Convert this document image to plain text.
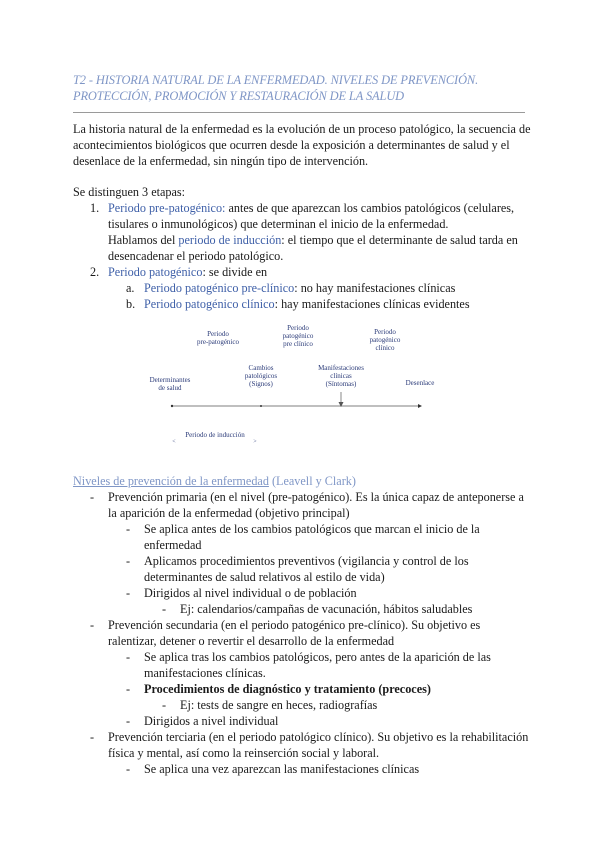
T2 - HISTORIA NATURAL DE LA ENFERMEDAD. NIVELES DE PREVENCIÓN.
PROTECCIÓN, PROMOCIÓN Y RESTAURACIÓN DE LA SALUD
La historia natural de la enfermedad es la evolución de un proceso patológico, la secuencia de
acontecimientos biológicos que ocurren desde la exposición a determinantes de salud y el
desenlace de la enfermedad, sin ningún tipo de intervención.
Se distinguen 3 etapas:
1. Periodo pre-patogénico: antes de que aparezcan los cambios patológicos (celulares,
tisulares o inmunológicos) que determinan el inicio de la enfermedad.
Hablamos del periodo de inducción: el tiempo que el determinante de salud tarda en
desencadenar el periodo patológico.
2. Periodo patogénico: se divide en
a. Periodo patogénico pre-clínico: no hay manifestaciones clínicas
b. Periodo patogénico clínico: hay manifestaciones clínicas evidentes
Periodo
pre-patogénico
Periodo
patogénico
pre clínico
Periodo
patogénico
clínico
Determinantes
de salud
Cambios
patológicos
(Signos)
Manifestaciones
clínicas
(Síntomas)	Desenlace
Periodo de inducción
<	>
Niveles de prevención de la enfermedad (Leavell y Clark)
- Prevención primaria (en el nivel (pre-patogénico). Es la única capaz de anteponerse a
la aparición de la enfermedad (objetivo principal)
- Se aplica antes de los cambios patológicos que marcan el inicio de la
enfermedad
- Aplicamos procedimientos preventivos (vigilancia y control de los
determinantes de salud relativos al estilo de vida)
- Dirigidos al nivel individual o de población
- Ej: calendarios/campañas de vacunación, hábitos saludables
- Prevención secundaria (en el periodo patogénico pre-clínico). Su objetivo es
ralentizar, detener o revertir el desarrollo de la enfermedad
- Se aplica tras los cambios patológicos, pero antes de la aparición de las
manifestaciones clínicas.
- Procedimientos de diagnóstico y tratamiento (precoces)
- Ej: tests de sangre en heces, radiografías
- Dirigidos a nivel individual
- Prevención terciaria (en el periodo patológico clínico). Su objetivo es la rehabilitación
física y mental, así como la reinserción social y laboral.
- Se aplica una vez aparezcan las manifestaciones clínicas
